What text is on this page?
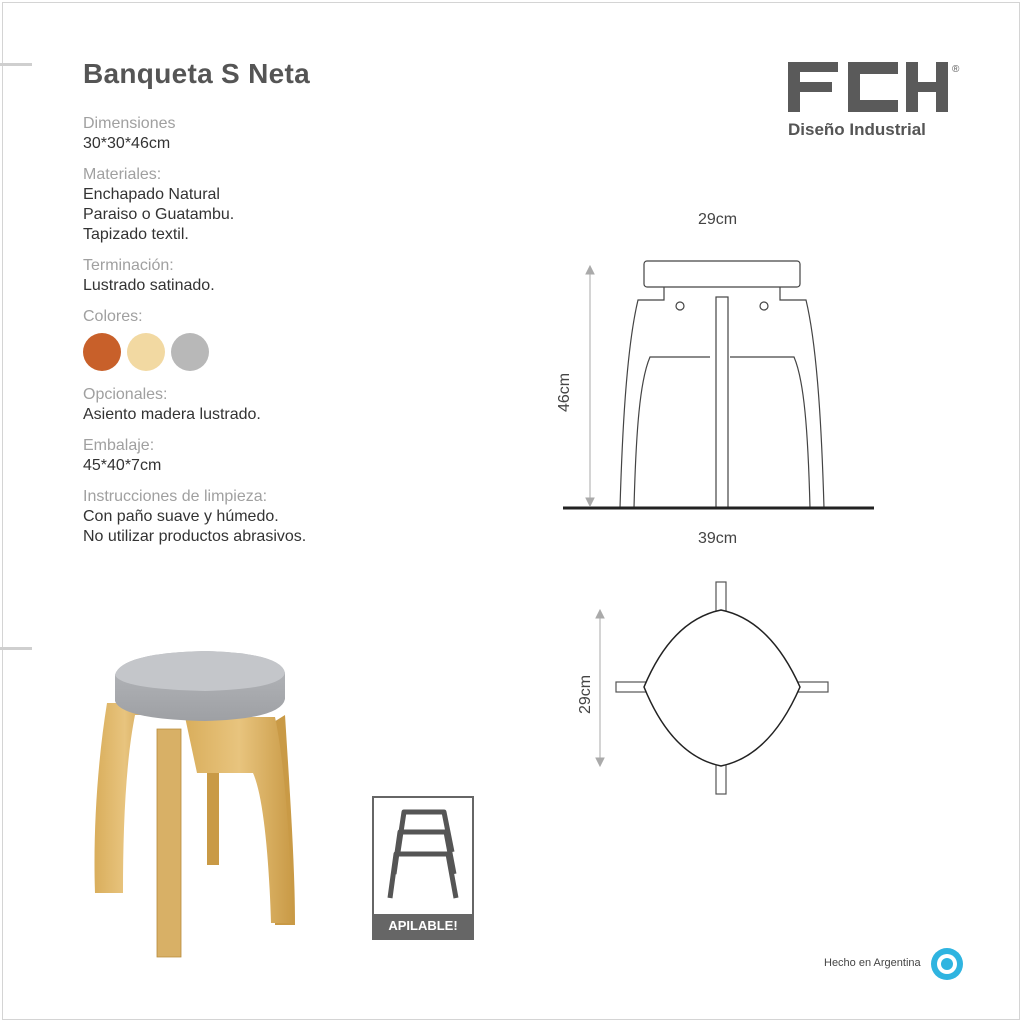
Banqueta S Neta
Dimensiones
30*30*46cm
Materiales:
Enchapado Natural
Paraiso o Guatambu.
Tapizado textil.
Terminación:
Lustrado satinado.
Colores:
Opcionales:
Asiento madera lustrado.
Embalaje:
45*40*7cm
Instrucciones de limpieza:
Con paño suave y húmedo.
No utilizar productos abrasivos.
®
Diseño Industrial
29cm
46cm
39cm
29cm
APILABLE!
Hecho en Argentina
